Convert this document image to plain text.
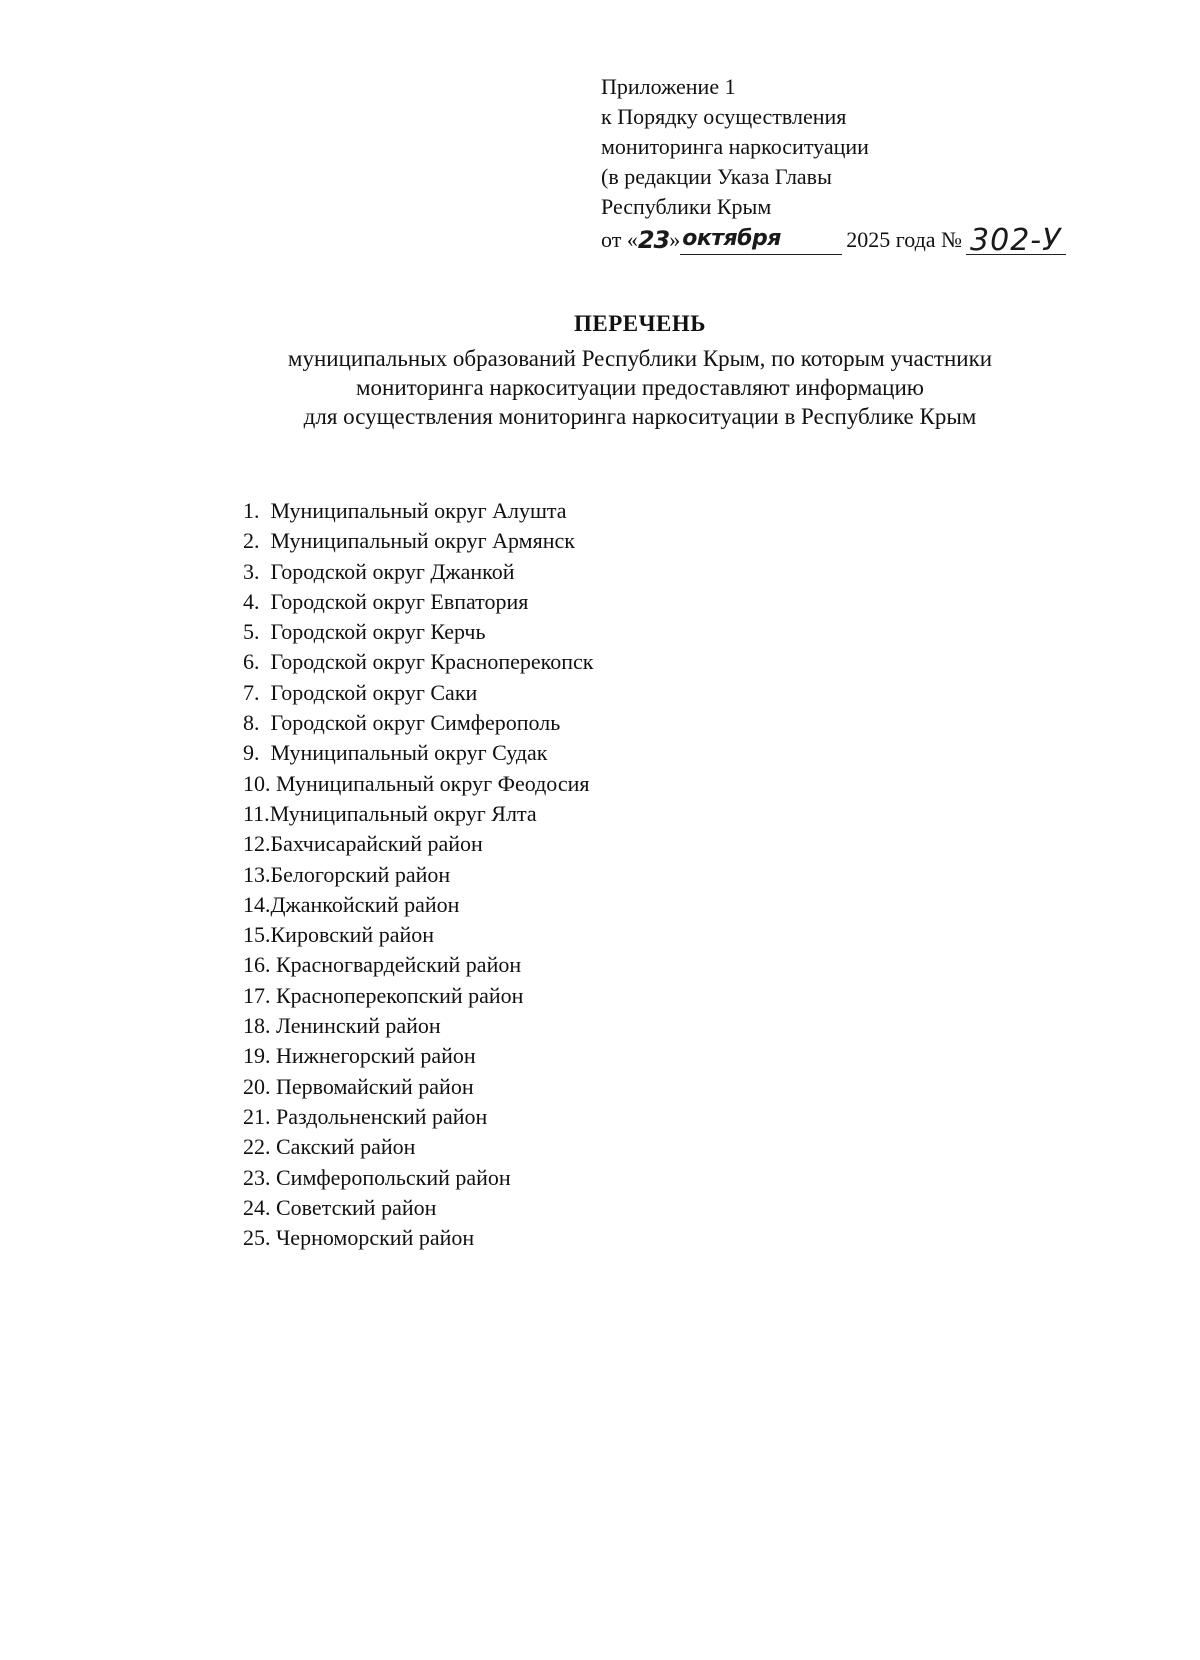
Приложение 1
к Порядку осуществления
мониторинга наркоситуации
(в редакции Указа Главы
Республики Крым
от « 23 » октября	2025 года № 302-У
ПЕРЕЧЕНЬ
муниципальных образований Республики Крым, по которым участники
мониторинга наркоситуации предоставляют информацию
для осуществления мониторинга наркоситуации в Республике Крым
1. Муниципальный округ Алушта
2. Муниципальный округ Армянск
3. Городской округ Джанкой
4. Городской округ Евпатория
5. Городской округ Керчь
6. Городской округ Красноперекопск
7. Городской округ Саки
8. Городской округ Симферополь
9. Муниципальный округ Судак
10. Муниципальный округ Феодосия
11.Муниципальный округ Ялта
12.Бахчисарайский район
13.Белогорский район
14.Джанкойский район
15.Кировский район
16. Красногвардейский район
17. Красноперекопский район
18. Ленинский район
19. Нижнегорский район
20. Первомайский район
21. Раздольненский район
22. Сакский район
23. Симферопольский район
24. Советский район
25. Черноморский район
